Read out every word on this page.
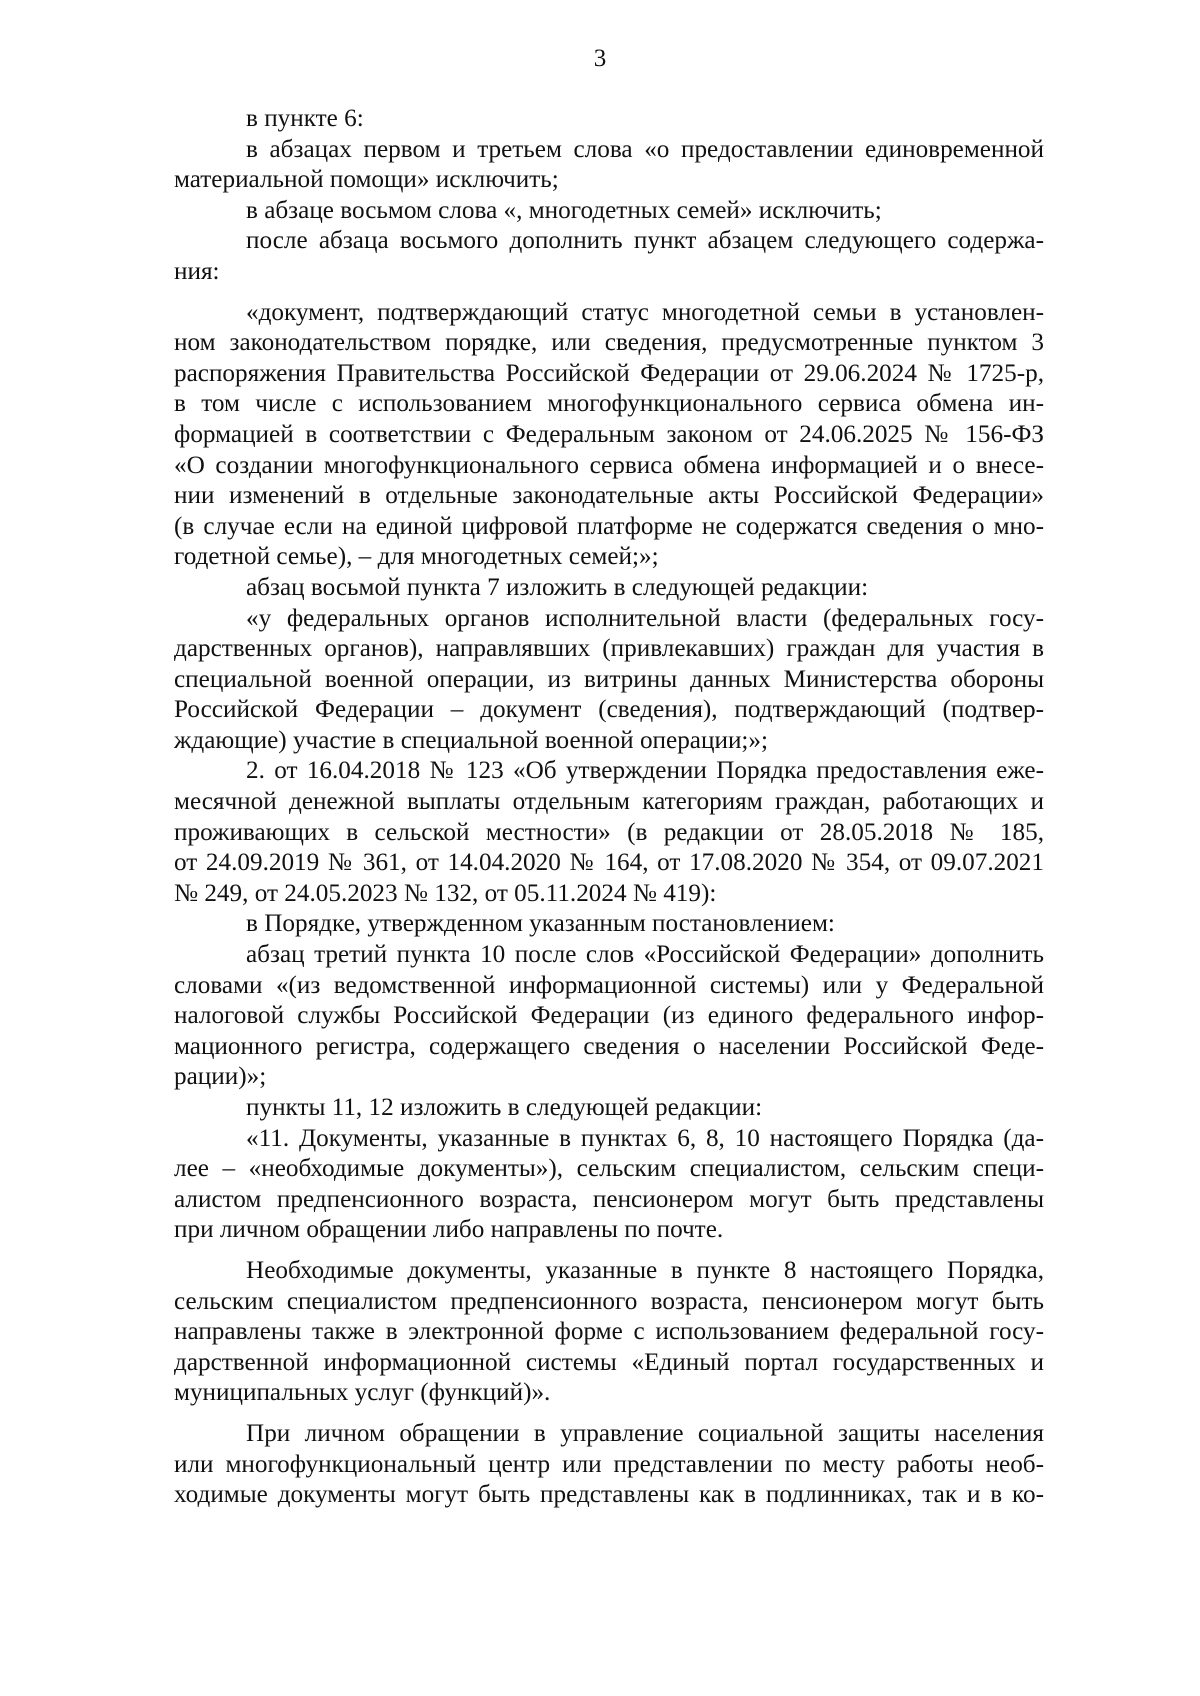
3
в пункте 6:
в абзацах первом и третьем слова «о предоставлении единовременной
материальной помощи» исключить;
в абзаце восьмом слова «, многодетных семей» исключить;
после абзаца восьмого дополнить пункт абзацем следующего содержа-
ния:
«документ, подтверждающий статус многодетной семьи в установлен-
ном законодательством порядке, или сведения, предусмотренные пунктом 3
распоряжения Правительства Российской Федерации от 29.06.2024 № 1725-р,
в том числе с использованием многофункционального сервиса обмена ин-
формацией в соответствии с Федеральным законом от 24.06.2025 № 156-ФЗ
«О создании многофункционального сервиса обмена информацией и о внесе-
нии изменений в отдельные законодательные акты Российской Федерации»
(в случае если на единой цифровой платформе не содержатся сведения о мно-
годетной семье), – для многодетных семей;»;
абзац восьмой пункта 7 изложить в следующей редакции:
«у федеральных органов исполнительной власти (федеральных госу-
дарственных органов), направлявших (привлекавших) граждан для участия в
специальной военной операции, из витрины данных Министерства обороны
Российской Федерации – документ (сведения), подтверждающий (подтвер-
ждающие) участие в специальной военной операции;»;
2. от 16.04.2018 № 123 «Об утверждении Порядка предоставления еже-
месячной денежной выплаты отдельным категориям граждан, работающих и
проживающих в сельской местности» (в редакции от 28.05.2018 № 185,
от 24.09.2019 № 361, от 14.04.2020 № 164, от 17.08.2020 № 354, от 09.07.2021
№ 249, от 24.05.2023 № 132, от 05.11.2024 № 419):
в Порядке, утвержденном указанным постановлением:
абзац третий пункта 10 после слов «Российской Федерации» дополнить
словами «(из ведомственной информационной системы) или у Федеральной
налоговой службы Российской Федерации (из единого федерального инфор-
мационного регистра, содержащего сведения о населении Российской Феде-
рации)»;
пункты 11, 12 изложить в следующей редакции:
«11. Документы, указанные в пунктах 6, 8, 10 настоящего Порядка (да-
лее – «необходимые документы»), сельским специалистом, сельским специ-
алистом предпенсионного возраста, пенсионером могут быть представлены
при личном обращении либо направлены по почте.
Необходимые документы, указанные в пункте 8 настоящего Порядка,
сельским специалистом предпенсионного возраста, пенсионером могут быть
направлены также в электронной форме с использованием федеральной госу-
дарственной информационной системы «Единый портал государственных и
муниципальных услуг (функций)».
При личном обращении в управление социальной защиты населения
или многофункциональный центр или представлении по месту работы необ-
ходимые документы могут быть представлены как в подлинниках, так и в ко-
